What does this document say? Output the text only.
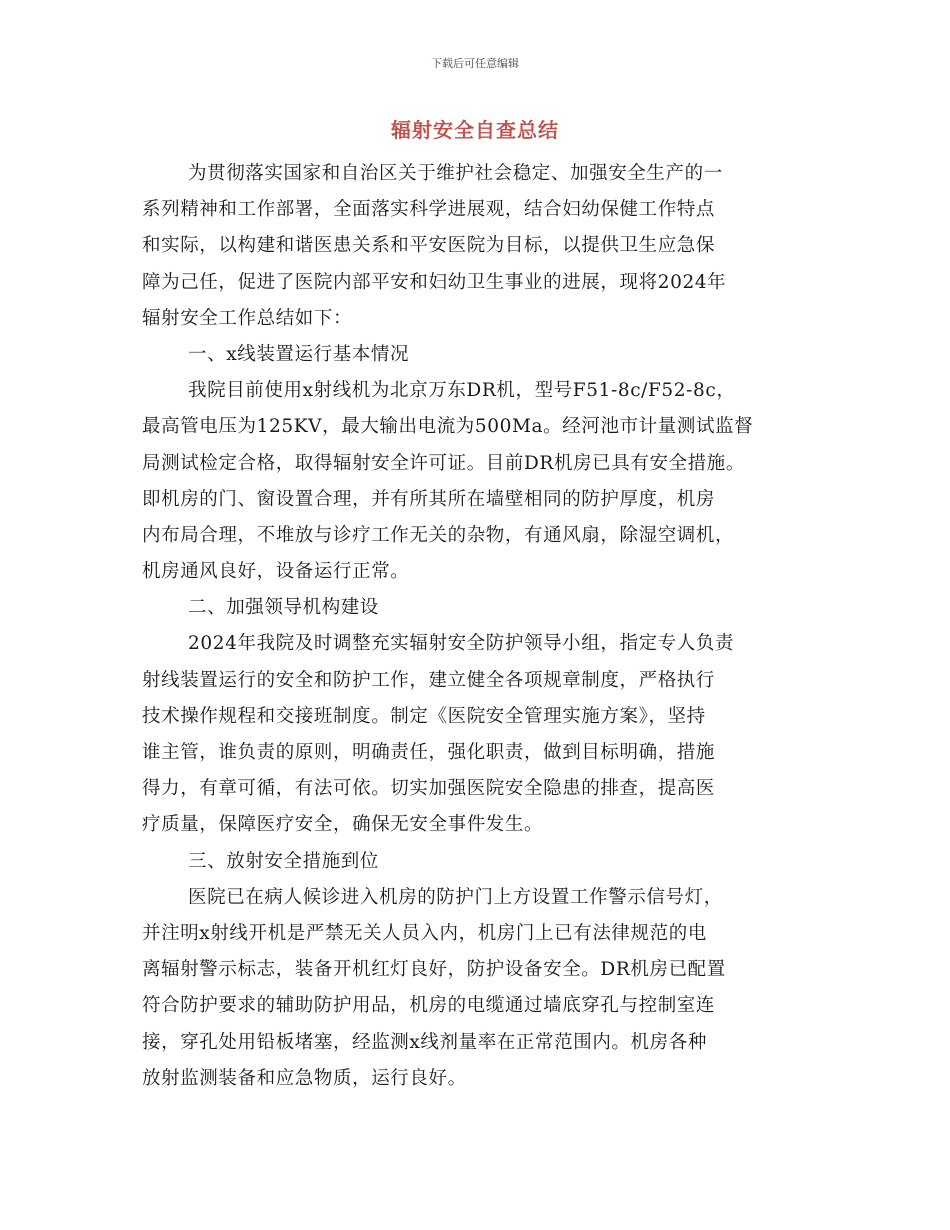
下载后可任意编辑
辐射安全自查总结
为贯彻落实国家和自治区关于维护社会稳定、加强安全生产的一
系列精神和工作部署，全面落实科学进展观，结合妇幼保健工作特点
和实际，以构建和谐医患关系和平安医院为目标，以提供卫生应急保
障为己任，促进了医院内部平安和妇幼卫生事业的进展，现将2024年
辐射安全工作总结如下：
一、x线装置运行基本情况
我院目前使用x射线机为北京万东DR机，型号F51-8c/F52-8c，
最高管电压为125KV，最大输出电流为500Ma。经河池市计量测试监督
局测试检定合格，取得辐射安全许可证。目前DR机房已具有安全措施。
即机房的门、窗设置合理，并有所其所在墙壁相同的防护厚度，机房
内布局合理，不堆放与诊疗工作无关的杂物，有通风扇，除湿空调机，
机房通风良好，设备运行正常。
二、加强领导机构建设
2024年我院及时调整充实辐射安全防护领导小组，指定专人负责
射线装置运行的安全和防护工作，建立健全各项规章制度，严格执行
技术操作规程和交接班制度。制定《医院安全管理实施方案》，坚持
谁主管，谁负责的原则，明确责任，强化职责，做到目标明确，措施
得力，有章可循，有法可依。切实加强医院安全隐患的排查，提高医
疗质量，保障医疗安全，确保无安全事件发生。
三、放射安全措施到位
医院已在病人候诊进入机房的防护门上方设置工作警示信号灯，
并注明x射线开机是严禁无关人员入内，机房门上已有法律规范的电
离辐射警示标志，装备开机红灯良好，防护设备安全。DR机房已配置
符合防护要求的辅助防护用品，机房的电缆通过墙底穿孔与控制室连
接，穿孔处用铅板堵塞，经监测x线剂量率在正常范围内。机房各种
放射监测装备和应急物质，运行良好。
